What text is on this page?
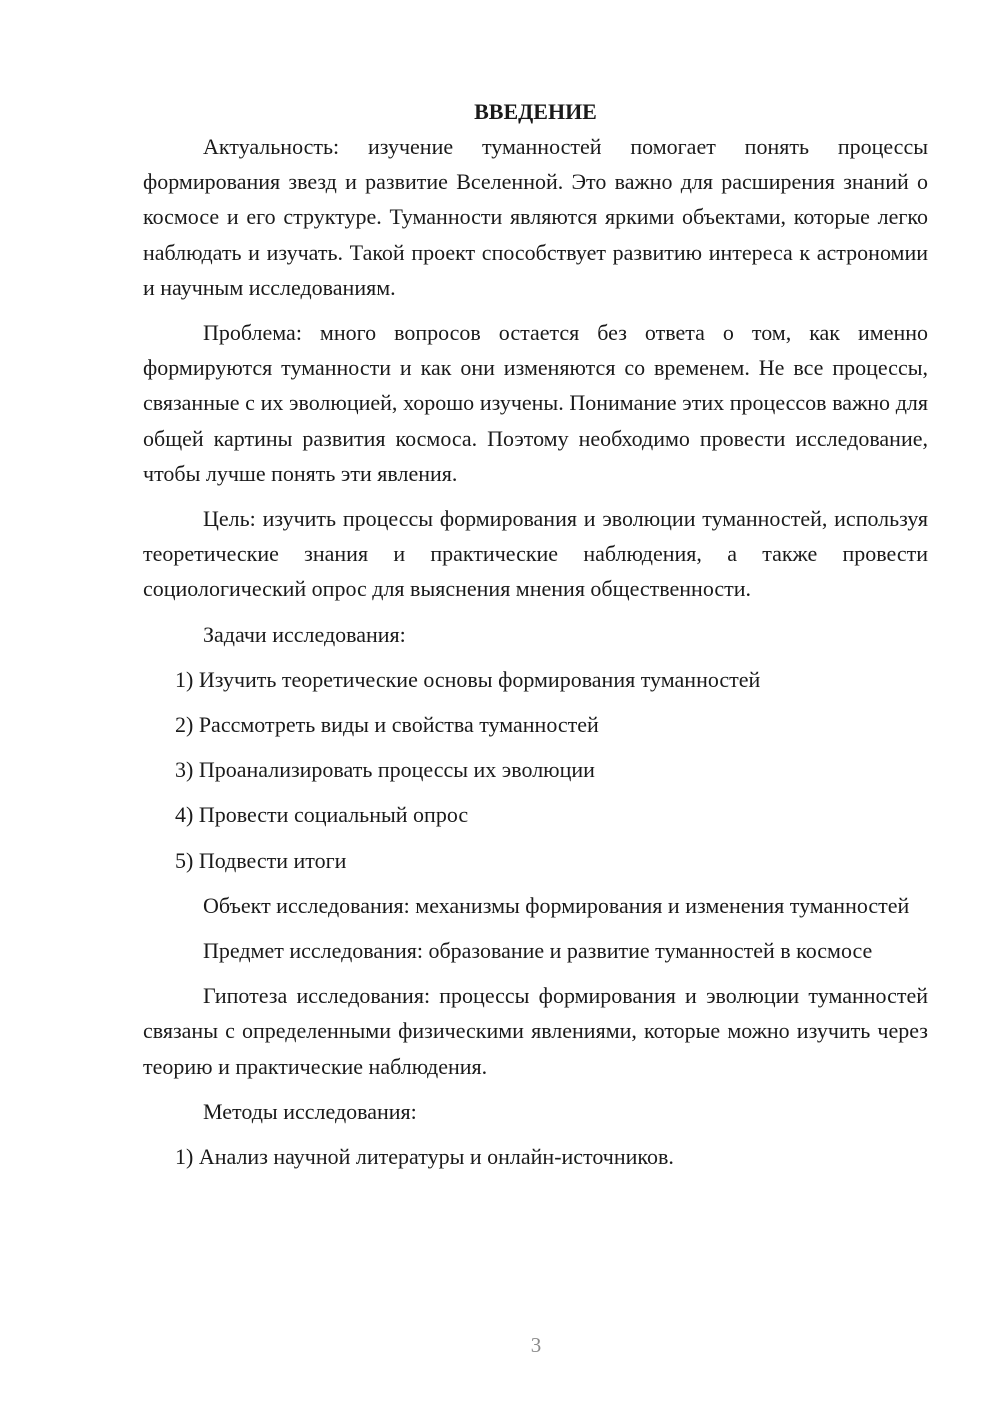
ВВЕДЕНИЕ

Актуальность: изучение туманностей помогает понять процессы формирования звезд и развитие Вселенной. Это важно для расширения знаний о космосе и его структуре. Туманности являются яркими объектами, которые легко наблюдать и изучать. Такой проект способствует развитию интереса к астрономии и научным исследованиям.

Проблема: много вопросов остается без ответа о том, как именно формируются туманности и как они изменяются со временем. Не все процессы, связанные с их эволюцией, хорошо изучены. Понимание этих процессов важно для общей картины развития космоса. Поэтому необходимо провести исследование, чтобы лучше понять эти явления.

Цель: изучить процессы формирования и эволюции туманностей, используя теоретические знания и практические наблюдения, а также провести социологический опрос для выяснения мнения общественности.

Задачи исследования:
1) Изучить теоретические основы формирования туманностей
2) Рассмотреть виды и свойства туманностей
3) Проанализировать процессы их эволюции
4) Провести социальный опрос
5) Подвести итоги

Объект исследования: механизмы формирования и изменения туманностей

Предмет исследования: образование и развитие туманностей в космосе

Гипотеза исследования: процессы формирования и эволюции туманностей связаны с определенными физическими явлениями, которые можно изучить через теорию и практические наблюдения.

Методы исследования:
1) Анализ научной литературы и онлайн-источников.
3
